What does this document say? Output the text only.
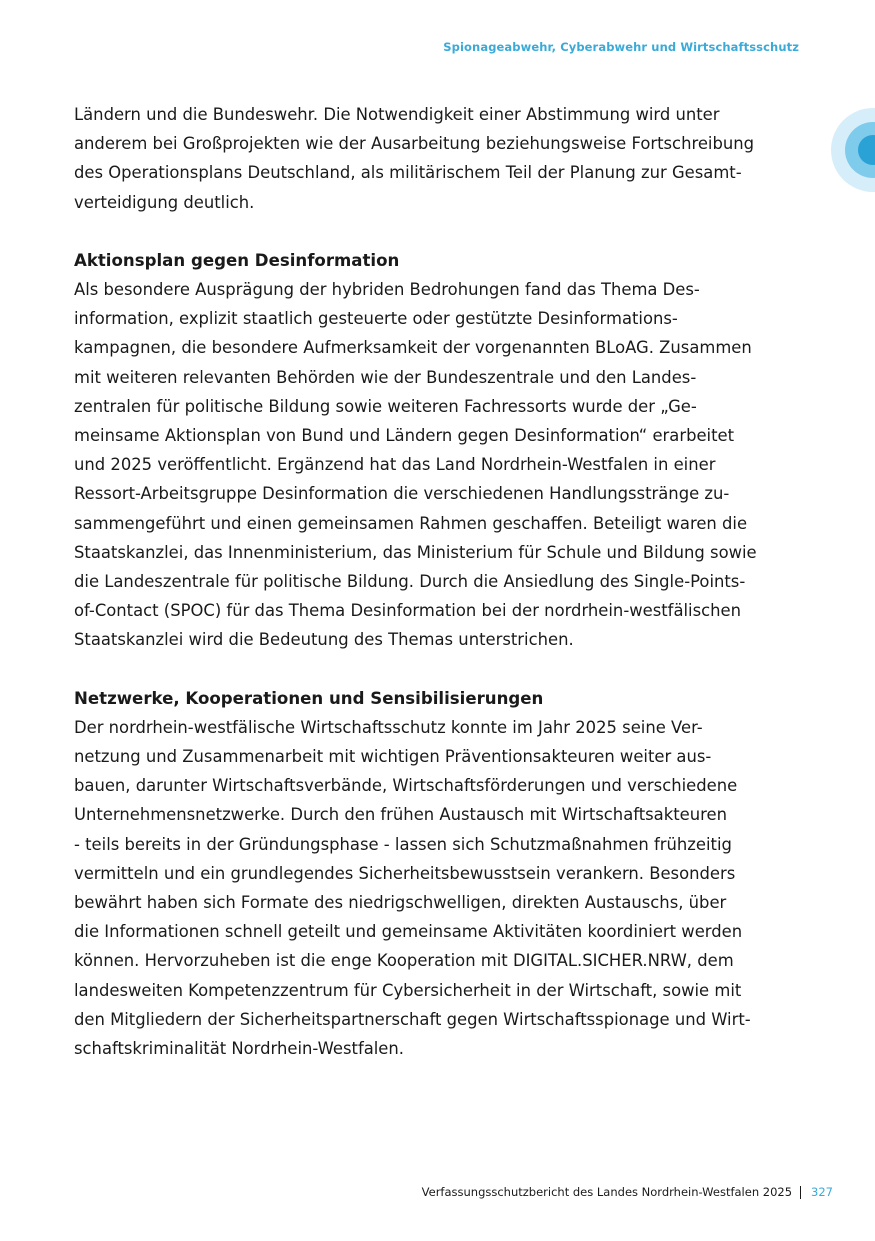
Spionageabwehr, Cyberabwehr und Wirtschaftsschutz

Ländern und die Bundeswehr. Die Notwendigkeit einer Abstimmung wird unter
anderem bei Großprojekten wie der Ausarbeitung beziehungsweise Fortschreibung
des Operationsplans Deutschland, als militärischem Teil der Planung zur Gesamt-
verteidigung deutlich.

Aktionsplan gegen Desinformation

Als besondere Ausprägung der hybriden Bedrohungen fand das Thema Des-
information, explizit staatlich gesteuerte oder gestützte Desinformations-
kampagnen, die besondere Aufmerksamkeit der vorgenannten BLoAG. Zusammen
mit weiteren relevanten Behörden wie der Bundeszentrale und den Landes-
zentralen für politische Bildung sowie weiteren Fachressorts wurde der „Ge-
meinsame Aktionsplan von Bund und Ländern gegen Desinformation“ erarbeitet
und 2025 veröffentlicht. Ergänzend hat das Land Nordrhein-Westfalen in einer
Ressort-Arbeitsgruppe Desinformation die verschiedenen Handlungsstränge zu-
sammengeführt und einen gemeinsamen Rahmen geschaffen. Beteiligt waren die
Staatskanzlei, das Innenministerium, das Ministerium für Schule und Bildung sowie
die Landeszentrale für politische Bildung. Durch die Ansiedlung des Single-Points-
of-Contact (SPOC) für das Thema Desinformation bei der nordrhein-westfälischen
Staatskanzlei wird die Bedeutung des Themas unterstrichen.

Netzwerke, Kooperationen und Sensibilisierungen

Der nordrhein-westfälische Wirtschaftsschutz konnte im Jahr 2025 seine Ver-
netzung und Zusammenarbeit mit wichtigen Präventionsakteuren weiter aus-
bauen, darunter Wirtschaftsverbände, Wirtschaftsförderungen und verschiedene
Unternehmensnetzwerke. Durch den frühen Austausch mit Wirtschaftsakteuren
- teils bereits in der Gründungsphase - lassen sich Schutzmaßnahmen frühzeitig
vermitteln und ein grundlegendes Sicherheitsbewusstsein verankern. Besonders
bewährt haben sich Formate des niedrigschwelligen, direkten Austauschs, über
die Informationen schnell geteilt und gemeinsame Aktivitäten koordiniert werden
können. Hervorzuheben ist die enge Kooperation mit DIGITAL.SICHER.NRW, dem
landesweiten Kompetenzzentrum für Cybersicherheit in der Wirtschaft, sowie mit
den Mitgliedern der Sicherheitspartnerschaft gegen Wirtschaftsspionage und Wirt-
schaftskriminalität Nordrhein-Westfalen.

Verfassungsschutzbericht des Landes Nordrhein-Westfalen 2025 327
